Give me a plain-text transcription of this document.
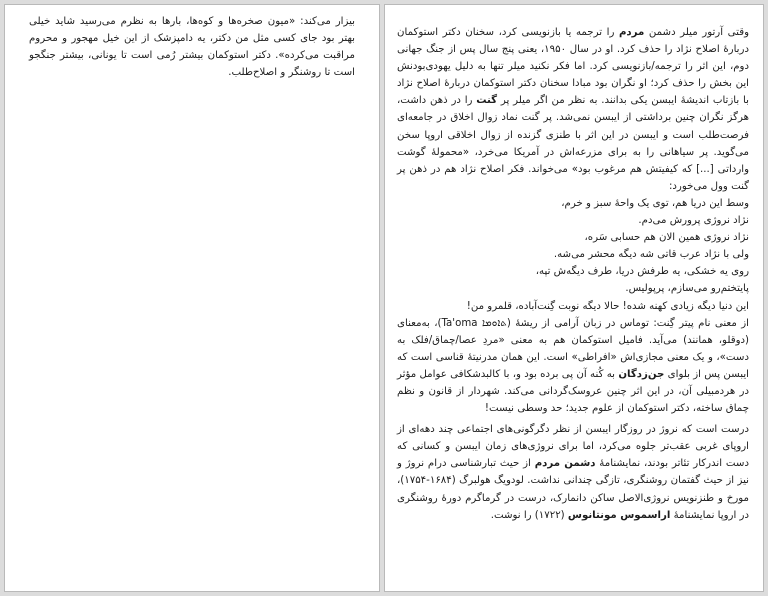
بیزار می‌کند: «میون صخره‌ها و کوه‌ها، بارها به نظرم می‌رسید شاید خیلی بهتر بود جای کسی مثل من دکتر، یه دامپزشک از این خیل مهجور و محروم مراقبت می‌کرده». دکتر استوکمان بیشتر رُمی است تا یونانی، بیشتر جنگجو است تا روشنگر و اصلاح‌طلب.

وقتی آرتور میلر دشمن مردم را ترجمه یا بازنویسی کرد، سخنان دکتر استوکمان دربارهٔ اصلاح نژاد را حذف کرد. او در سال ۱۹۵۰، یعنی پنج سال پس از جنگ جهانی دوم، این اثر را ترجمه/بازنویسی کرد. اما فکر نکنید میلر تنها به دلیل یهودی‌بودنش این بخش را حذف کرد؛ او نگران بود مبادا سخنان دکتر استوکمان دربارهٔ اصلاح نژاد با بازتاب اندیشهٔ ایبسن یکی بدانند. به نظر من اگر میلر پر گنت را در ذهن داشت، هرگز نگران چنین برداشتی از ایبسن نمی‌شد. پر گنت نماد زوال اخلاق در جامعه‌ای فرصت‌طلب است و ایبسن در این اثر با طنزی گزنده از زوال اخلاقی اروپا سخن می‌گوید. پر سیاهانی را به برای مزرعه‌اش در آمریکا می‌خرد، «محمولهٔ گوشت وارداتی [...] که کیفیتش هم مرغوب بود» می‌خواند. فکر اصلاح نژاد هم در ذهن پر گنت وول می‌خورد:

وسط این دریا هم، توی یک واحهٔ سبز و خرم،

نژاد نروژی پرورش می‌دم.

نژاد نروژی همین الان هم حسابی سَره،

ولی با نژاد عرب قاتی شه دیگه محشر می‌شه.

روی یه خشکی، یه طرفش دریا، طرف دیگه‌ش تپه،

پایتختم‌رو می‌سازم، پرپولیس.

این دنیا دیگه زیادی کهنه شده! حالا دیگه نوبت گِنت‌آباده، قلمرو من!

از معنی نام پیتر گِنت: توماس در زبان آرامی از ریشهٔ (Ta'oma ‏ܬܐܘܡܐ)، به‌معنای (دوقلو، همانند) می‌آید. فامیل استوکمان هم به معنی «مردِ عصا/چماق/فلک به دست»، و یک معنی مجازی‌اش «افراطی» است. این همان مدرنیتهٔ قناسی است که ایبسن پس از بلوای جن‌زدگان به کُنه آن پی برده بود و، با کالبدشکافی عوامل مؤثر در هردمبیلی آن، در این اثر چنین عروسک‌گردانی می‌کند. شهردار از قانون و نظم چماق ساخته، دکتر استوکمان از علوم جدید؛ حد وسطی نیست!

درست است که نروژ در روزگار ایبسن از نظر دگرگونی‌های اجتماعی چند دهه‌ای از اروپای غربی عقب‌تر جلوه می‌کرد، اما برای نروژی‌های زمان ایبسن و کسانی که دست اندرکار تئاتر بودند، نمایشنامهٔ دشمن مردم از حیث تبارشناسی درام نروژ و نیز از حیث گفتمان روشنگری، تازگی چندانی نداشت. لودویگ هولبرگ (۱۶۸۴-۱۷۵۴)، مورخ و طنزنویس نروژی‌الاصل ساکن دانمارک، درست در گرماگرم دورهٔ روشنگری در اروپا نمایشنامهٔ اراسموس مونتانوس (۱۷۲۲) را نوشت.
